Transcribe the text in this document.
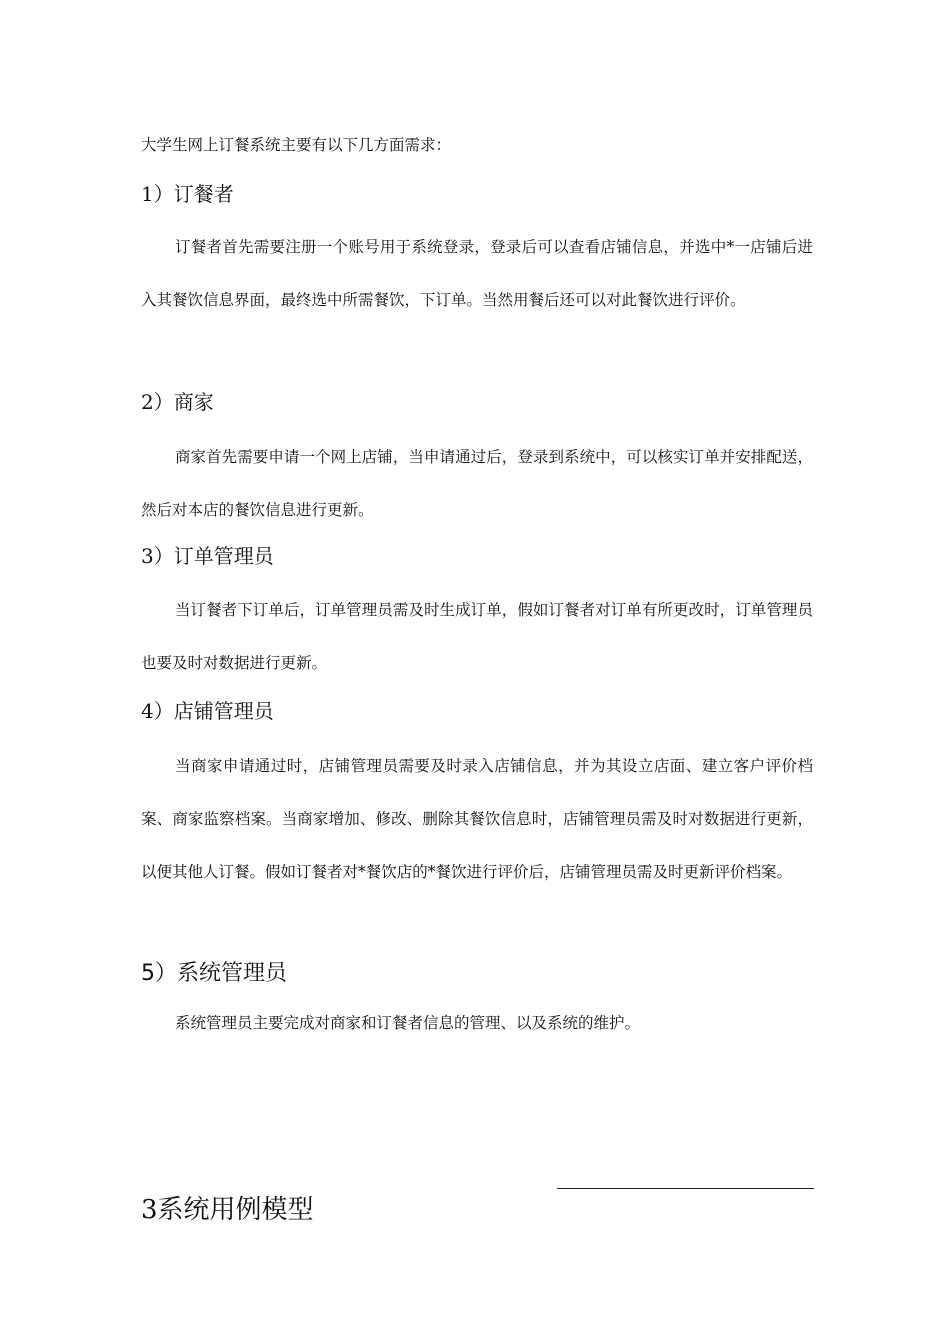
大学生网上订餐系统主要有以下几方面需求：
1）订餐者

订餐者首先需要注册一个账号用于系统登录，登录后可以查看店铺信息，并选中*一店铺后进入其餐饮信息界面，最终选中所需餐饮，下订单。当然用餐后还可以对此餐饮进行评价。

2）商家

商家首先需要申请一个网上店铺，当申请通过后，登录到系统中，可以核实订单并安排配送，然后对本店的餐饮信息进行更新。

3）订单管理员

当订餐者下订单后，订单管理员需及时生成订单，假如订餐者对订单有所更改时，订单管理员也要及时对数据进行更新。

4）店铺管理员

当商家申请通过时，店铺管理员需要及时录入店铺信息，并为其设立店面、建立客户评价档案、商家监察档案。当商家增加、修改、删除其餐饮信息时，店铺管理员需及时对数据进行更新，以便其他人订餐。假如订餐者对*餐饮店的*餐饮进行评价后，店铺管理员需及时更新评价档案。

5）系统管理员

系统管理员主要完成对商家和订餐者信息的管理、以及系统的维护。

3系统用例模型
